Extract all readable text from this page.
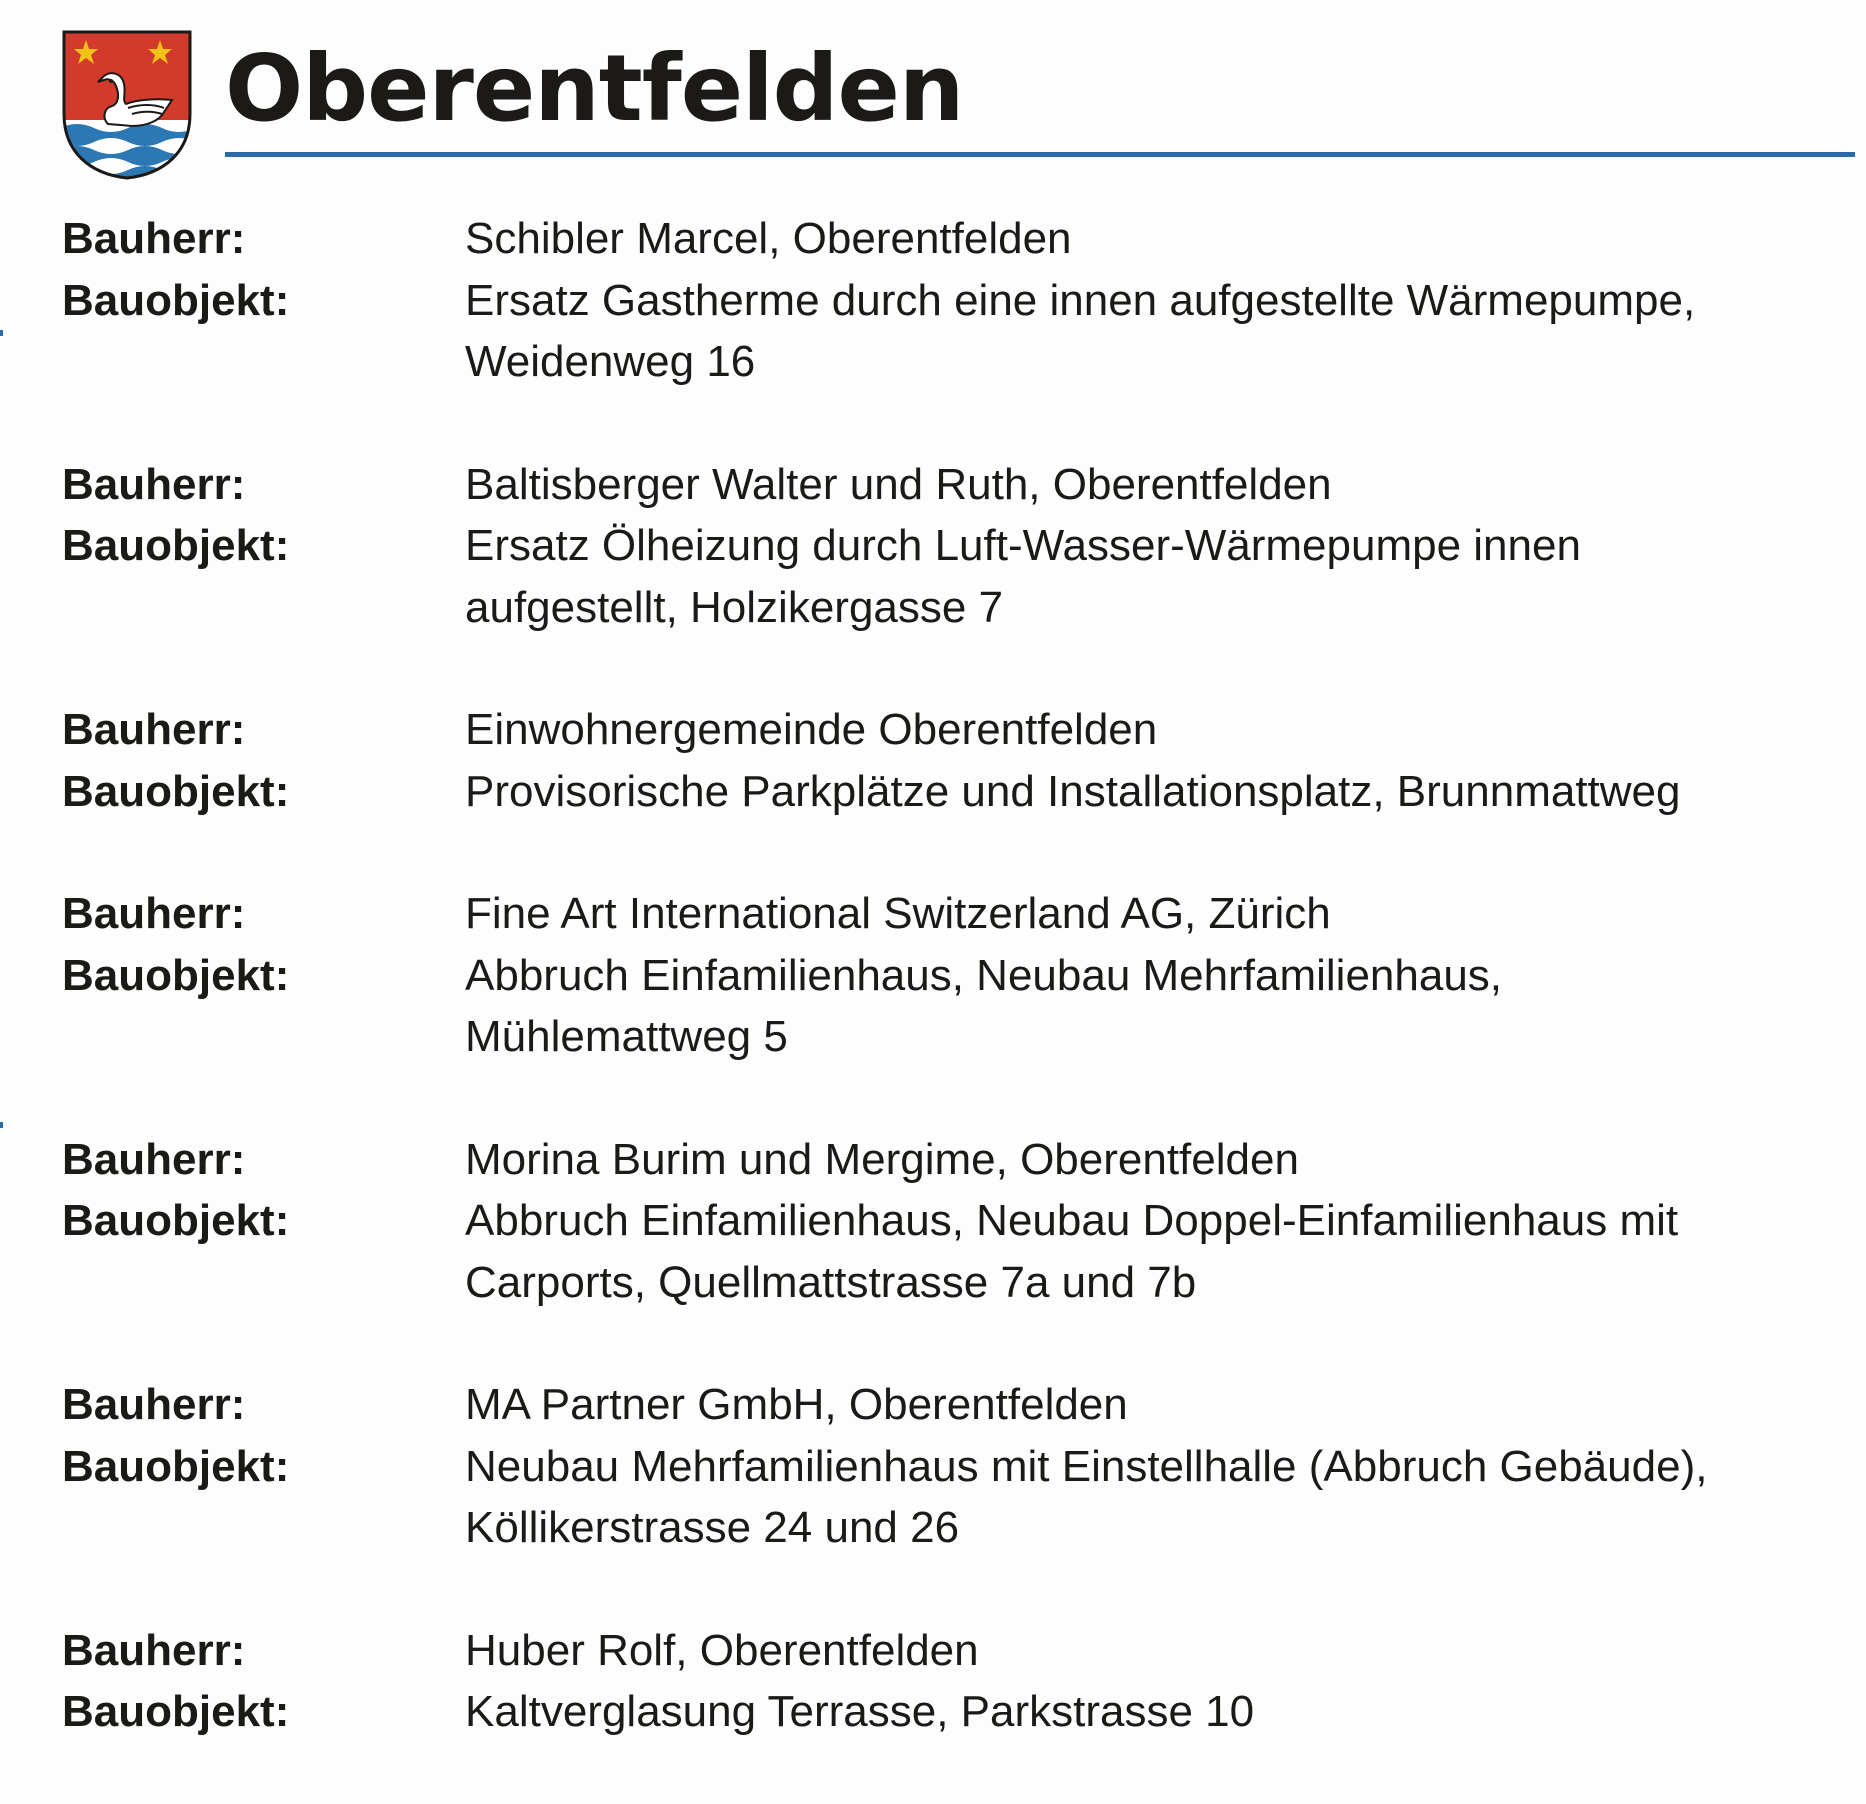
Oberentfelden
Bauherr:	Schibler Marcel, Oberentfelden
Bauobjekt:	Ersatz Gastherme durch eine innen aufgestellte Wärmepumpe,
Weidenweg 16
Bauherr:	Baltisberger Walter und Ruth, Oberentfelden
Bauobjekt:	Ersatz Ölheizung durch Luft-Wasser-Wärmepumpe innen
aufgestellt, Holzikergasse 7
Bauherr:	Einwohnergemeinde Oberentfelden
Bauobjekt:	Provisorische Parkplätze und Installationsplatz, Brunnmattweg
Bauherr:	Fine Art International Switzerland AG, Zürich
Bauobjekt:	Abbruch Einfamilienhaus, Neubau Mehrfamilienhaus,
Mühlemattweg 5
Bauherr:	Morina Burim und Mergime, Oberentfelden
Bauobjekt:	Abbruch Einfamilienhaus, Neubau Doppel-Einfamilienhaus mit
Carports, Quellmattstrasse 7a und 7b
Bauherr:	MA Partner GmbH, Oberentfelden
Bauobjekt:	Neubau Mehrfamilienhaus mit Einstellhalle (Abbruch Gebäude),
Köllikerstrasse 24 und 26
Bauherr:	Huber Rolf, Oberentfelden
Bauobjekt:	Kaltverglasung Terrasse, Parkstrasse 10
